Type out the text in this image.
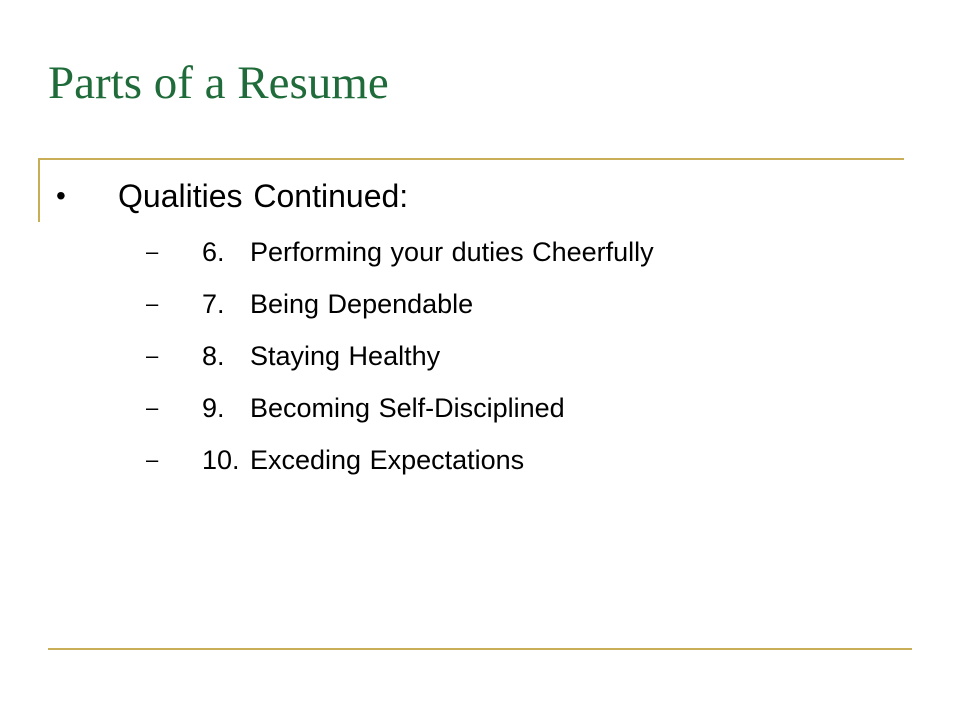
Parts of a Resume
•	Qualities Continued:
–	6. Performing your duties Cheerfully
–	7. Being Dependable
–	8. Staying Healthy
–	9. Becoming Self-Disciplined
–	10. Exceding Expectations
